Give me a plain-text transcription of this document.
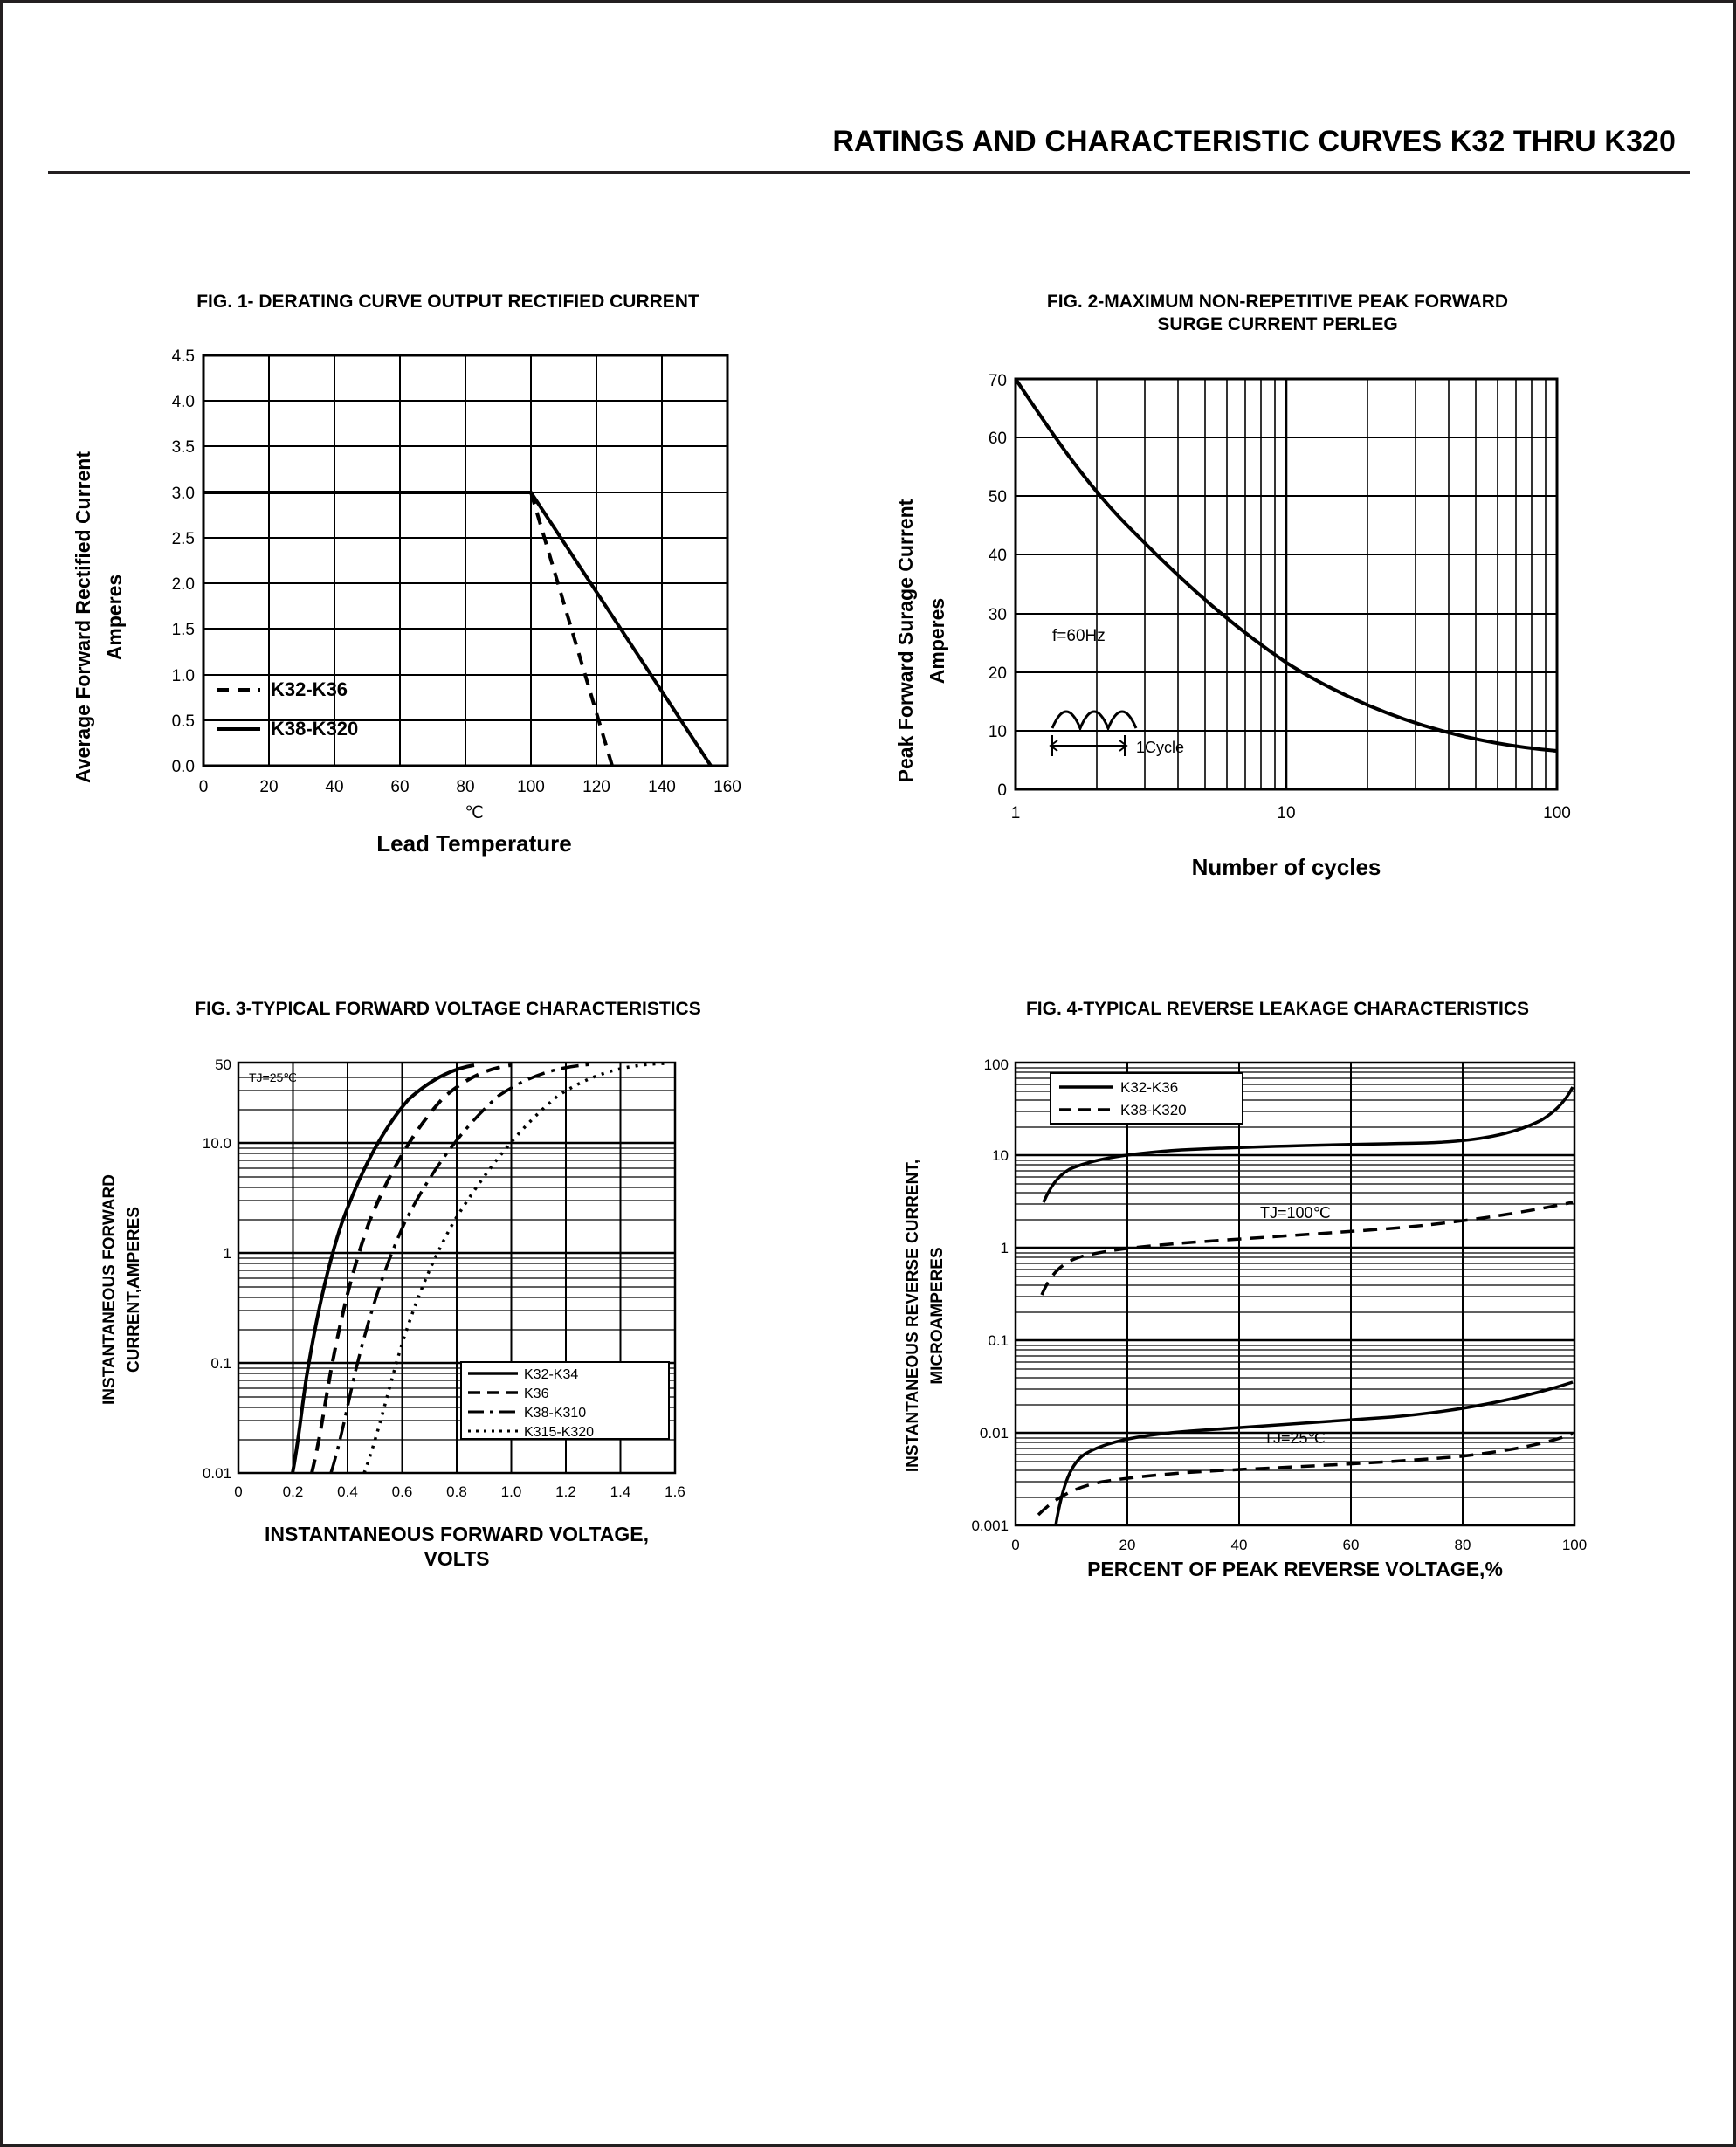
RATINGS AND CHARACTERISTIC CURVES K32 THRU K320
FIG. 1- DERATING CURVE OUTPUT RECTIFIED CURRENT
Average Forward Rectified Current Amperes
0.0
0.5
1.0
1.5
2.0
2.5
3.0
3.5
4.0
4.5
0	20	40	60	80	100 120 140 160
℃
K32-K36
K38-K320
Lead Temperature
FIG. 2-MAXIMUM NON-REPETITIVE PEAK FORWARD
SURGE CURRENT PERLEG
Peak Forward Surage Current Amperes
0
10
20
30
40
50
60
70
1	10	100
f=60Hz
1Cycle
Number of cycles
FIG. 3-TYPICAL FORWARD VOLTAGE CHARACTERISTICS
INSTANTANEOUS FORWARD CURRENT,AMPERES
0.01
0.1
1
10.0
50
0	0.2 0.4 0.6 0.8 1.0 1.2 1.4 1.6
TJ=25℃
K32-K34
K36
K38-K310
K315-K320
INSTANTANEOUS FORWARD VOLTAGE,
VOLTS
FIG. 4-TYPICAL REVERSE LEAKAGE CHARACTERISTICS
INSTANTANEOUS REVERSE CURRENT, MICROAMPERES
0.001
0.01
0.1
1
10
100
0	20	40	60	80	100
K32-K36
K38-K320
TJ=100℃
TJ=25℃
PERCENT OF PEAK REVERSE VOLTAGE,%
